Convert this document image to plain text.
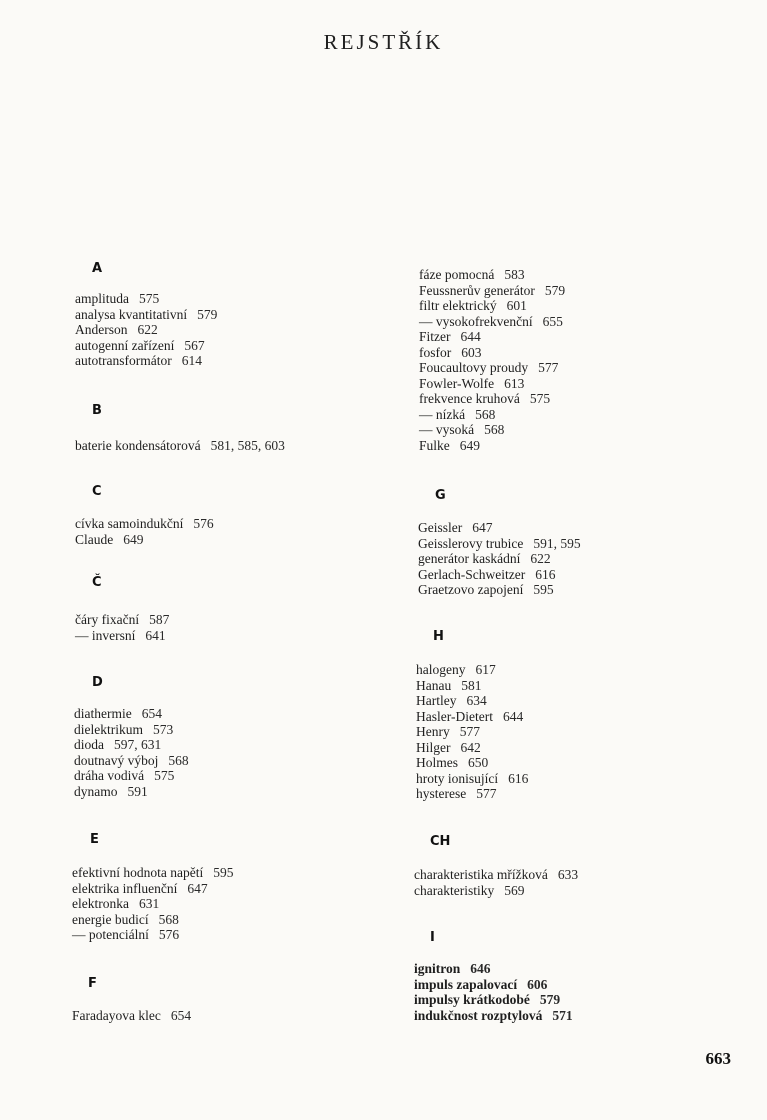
REJSTŘÍK
A
amplituda 575
analysa kvantitativní 579
Anderson 622
autogenní zařízení 567
autotransformátor 614
B
baterie kondensátorová 581, 585, 603
C
cívka samoindukční 576
Claude 649
Č
čáry fixační 587
— inversní 641
D
diathermie 654
dielektrikum 573
dioda 597, 631
doutnavý výboj 568
dráha vodivá 575
dynamo 591
E
efektivní hodnota napětí 595
elektrika influenční 647
elektronka 631
energie budicí 568
— potenciální 576
F
Faradayova klec 654
fáze pomocná 583
Feussnerův generátor 579
filtr elektrický 601
— vysokofrekvenční 655
Fitzer 644
fosfor 603
Foucaultovy proudy 577
Fowler-Wolfe 613
frekvence kruhová 575
— nízká 568
— vysoká 568
Fulke 649
G
Geissler 647
Geisslerovy trubice 591, 595
generátor kaskádní 622
Gerlach-Schweitzer 616
Graetzovo zapojení 595
H
halogeny 617
Hanau 581
Hartley 634
Hasler-Dietert 644
Henry 577
Hilger 642
Holmes 650
hroty ionisující 616
hysterese 577
CH
charakteristika mřížková 633
charakteristiky 569
I
ignitron 646
impuls zapalovací 606
impulsy krátkodobé 579
indukčnost rozptylová 571
663
